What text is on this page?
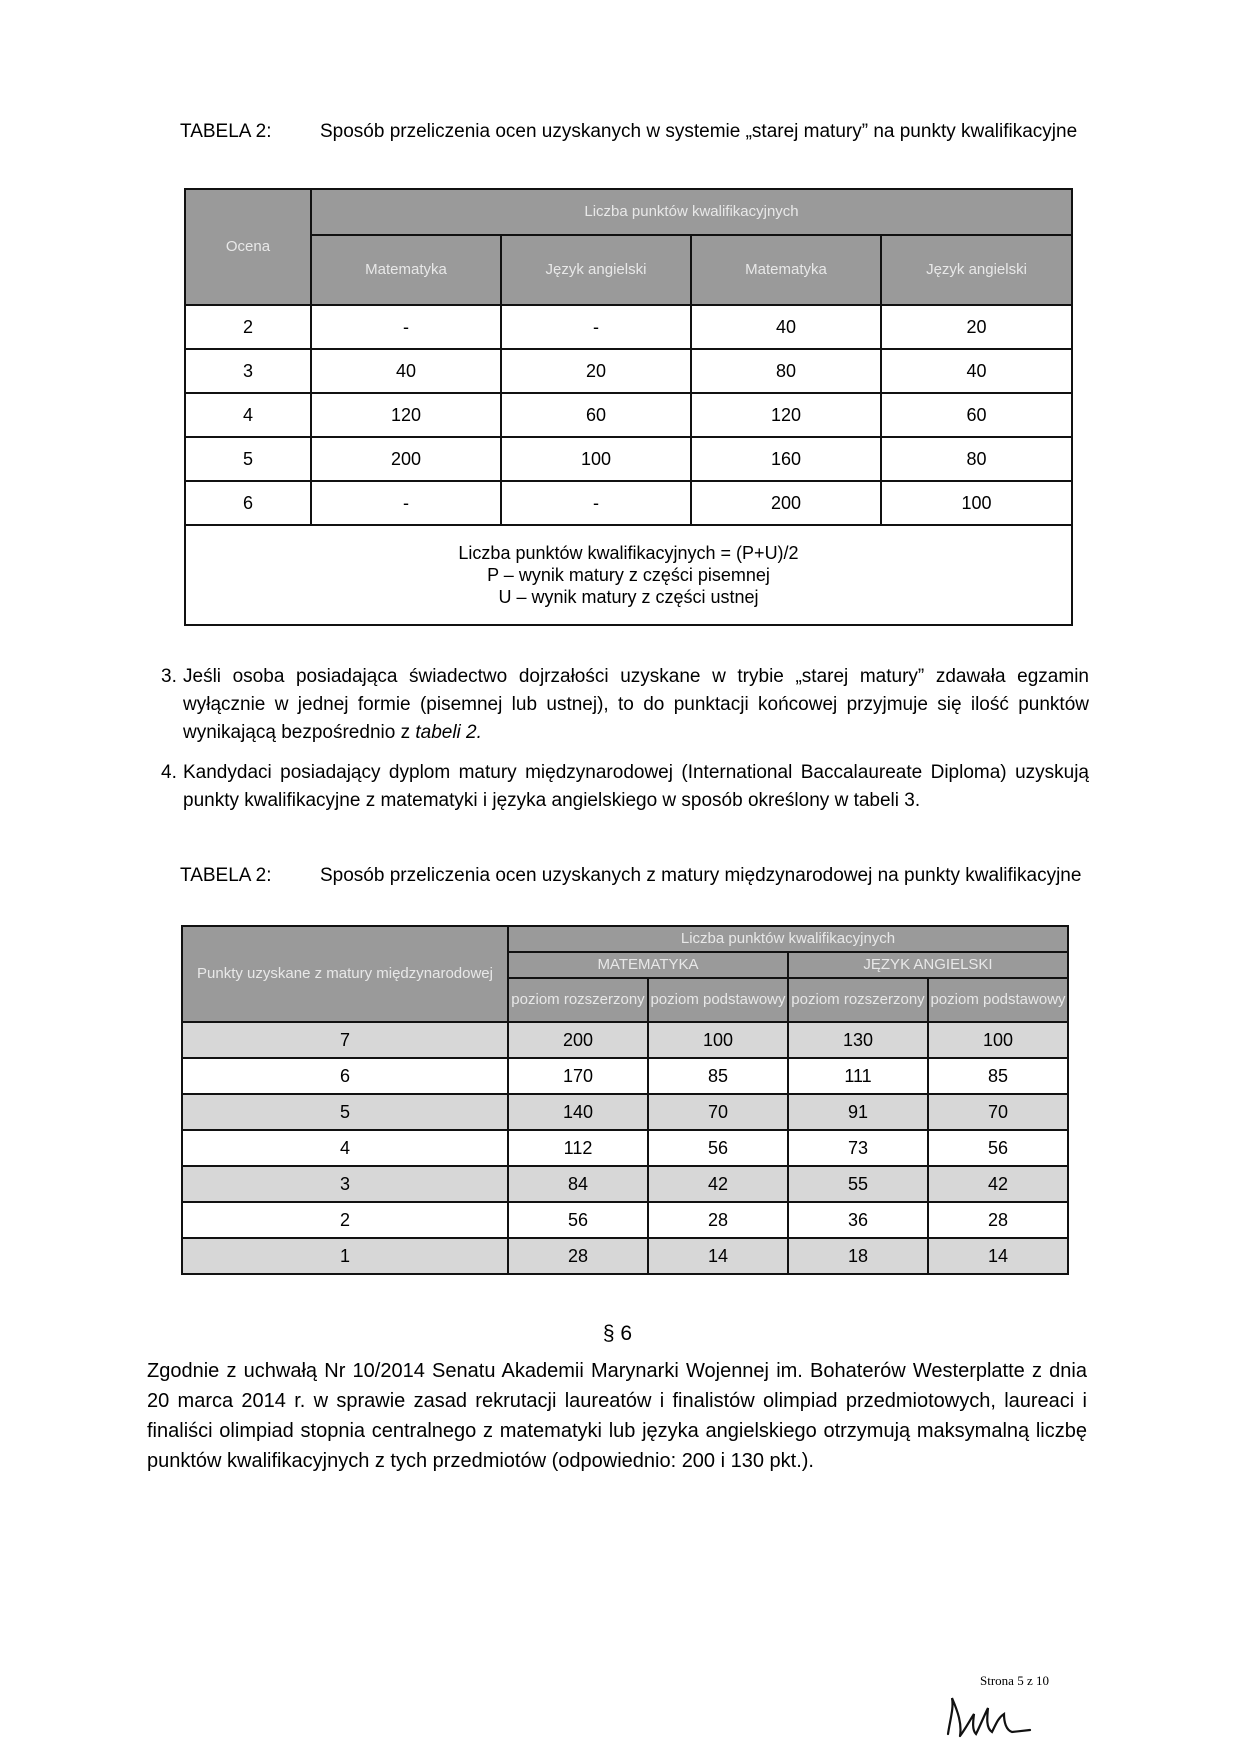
TABELA 2:	Sposób przeliczenia ocen uzyskanych w systemie „starej matury” na punkty kwalifikacyjne
Ocena	Liczba punktów kwalifikacyjnych			
	Matematyka	Język angielski	Matematyka	Język angielski
2	-	-	40	20
3	40	20	80	40
4	120	60	120	60
5	200	100	160	80
6	-	-	200	100

Liczba punktów kwalifikacyjnych = (P+U)/2
P – wynik matury z części pisemnej
U – wynik matury z części ustnej				
3. Jeśli osoba posiadająca świadectwo dojrzałości uzyskane w trybie „starej matury” zdawała egzamin wyłącznie w jednej formie (pisemnej lub ustnej), to do punktacji końcowej przyjmuje się ilość punktów wynikającą bezpośrednio z tabeli 2.
4. Kandydaci posiadający dyplom matury międzynarodowej (International Baccalaureate Diploma) uzyskują punkty kwalifikacyjne z matematyki i języka angielskiego w sposób określony w tabeli 3.
TABELA 2:	Sposób przeliczenia ocen uzyskanych z matury międzynarodowej na punkty kwalifikacyjne
Punkty uzyskane z matury międzynarodowej	Liczba punktów kwalifikacyjnych			
	MATEMATYKA		JĘZYK ANGIELSKI	
	poziom rozszerzony	poziom podstawowy	poziom rozszerzony	poziom podstawowy
7	200	100	130	100
6	170	85	111	85
5	140	70	91	70
4	112	56	73	56
3	84	42	55	42
2	56	28	36	28
1	28	14	18	14
§ 6
Zgodnie z uchwałą Nr 10/2014 Senatu Akademii Marynarki Wojennej im. Bohaterów Westerplatte z dnia 20 marca 2014 r. w sprawie zasad rekrutacji laureatów i finalistów olimpiad przedmiotowych, laureaci i finaliści olimpiad stopnia centralnego z matematyki lub języka angielskiego otrzymują maksymalną liczbę punktów kwalifikacyjnych z tych przedmiotów (odpowiednio: 200 i 130 pkt.).
Strona 5 z 10
